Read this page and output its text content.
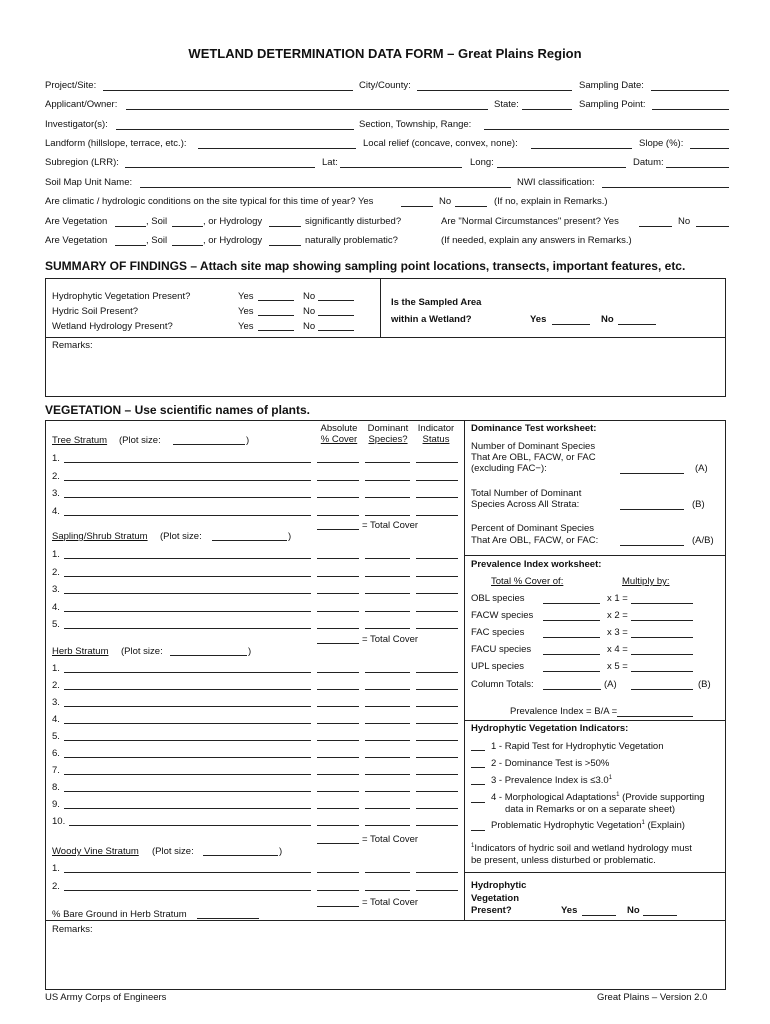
WETLAND DETERMINATION DATA FORM – Great Plains Region
Project/Site:	City/County:	Sampling Date:
Applicant/Owner:	State:	Sampling Point:
Investigator(s):	Section, Township, Range:
Landform (hillslope, terrace, etc.):	Local relief (concave, convex, none):	Slope (%):
Subregion (LRR):	Lat:	Long:	Datum:
Soil Map Unit Name:	NWI classification:
Are climatic / hydrologic conditions on the site typical for this time of year? Yes	No	(If no, explain in Remarks.)
Are Vegetation	, Soil	, or Hydrology	significantly disturbed?	Are "Normal Circumstances" present? Yes	No
Are Vegetation	, Soil	, or Hydrology	naturally problematic?	(If needed, explain any answers in Remarks.)
SUMMARY OF FINDINGS – Attach site map showing sampling point locations, transects, important features, etc.
Hydrophytic Vegetation Present?	Yes	No
Hydric Soil Present?	Yes	No
Wetland Hydrology Present?	Yes	No
Is the Sampled Area
within a Wetland?	Yes	No
Remarks:
VEGETATION – Use scientific names of plants.
Absolute
% Cover
Dominant
Species?
Indicator
Status
Tree Stratum (Plot size:	)
1.
2.
3.
4.
= Total Cover
Sapling/Shrub Stratum (Plot size:	)
1.
2.
3.
4.
5.
= Total Cover
Herb Stratum (Plot size:	)
1.
2.
3.
4.
5.
6.
7.
8.
9.
10.
= Total Cover
Woody Vine Stratum (Plot size:	)
1.
2.
= Total Cover
% Bare Ground in Herb Stratum
Remarks:
Dominance Test worksheet:
Number of Dominant Species
That Are OBL, FACW, or FAC
(excluding FAC−):	(A)
Total Number of Dominant
Species Across All Strata:	(B)
Percent of Dominant Species
That Are OBL, FACW, or FAC:	(A/B)
Prevalence Index worksheet:
Total % Cover of:	Multiply by:
OBL species	x 1 =
FACW species	x 2 =
FAC species	x 3 =
FACU species	x 4 =
UPL species	x 5 =
Column Totals:	(A)	(B)
Prevalence Index = B/A =
Hydrophytic Vegetation Indicators:
1 - Rapid Test for Hydrophytic Vegetation
2 - Dominance Test is >50%
3 - Prevalence Index is $\le 3.0^1$
4 - Morphological Adaptations$^1$ (Provide supporting
data in Remarks or on a separate sheet)
Problematic Hydrophytic Vegetation$^1$ (Explain)
$^1$Indicators of hydric soil and wetland hydrology must
be present, unless disturbed or problematic.
Hydrophytic
Vegetation
Present?	Yes	No
US Army Corps of Engineers	Great Plains – Version 2.0
